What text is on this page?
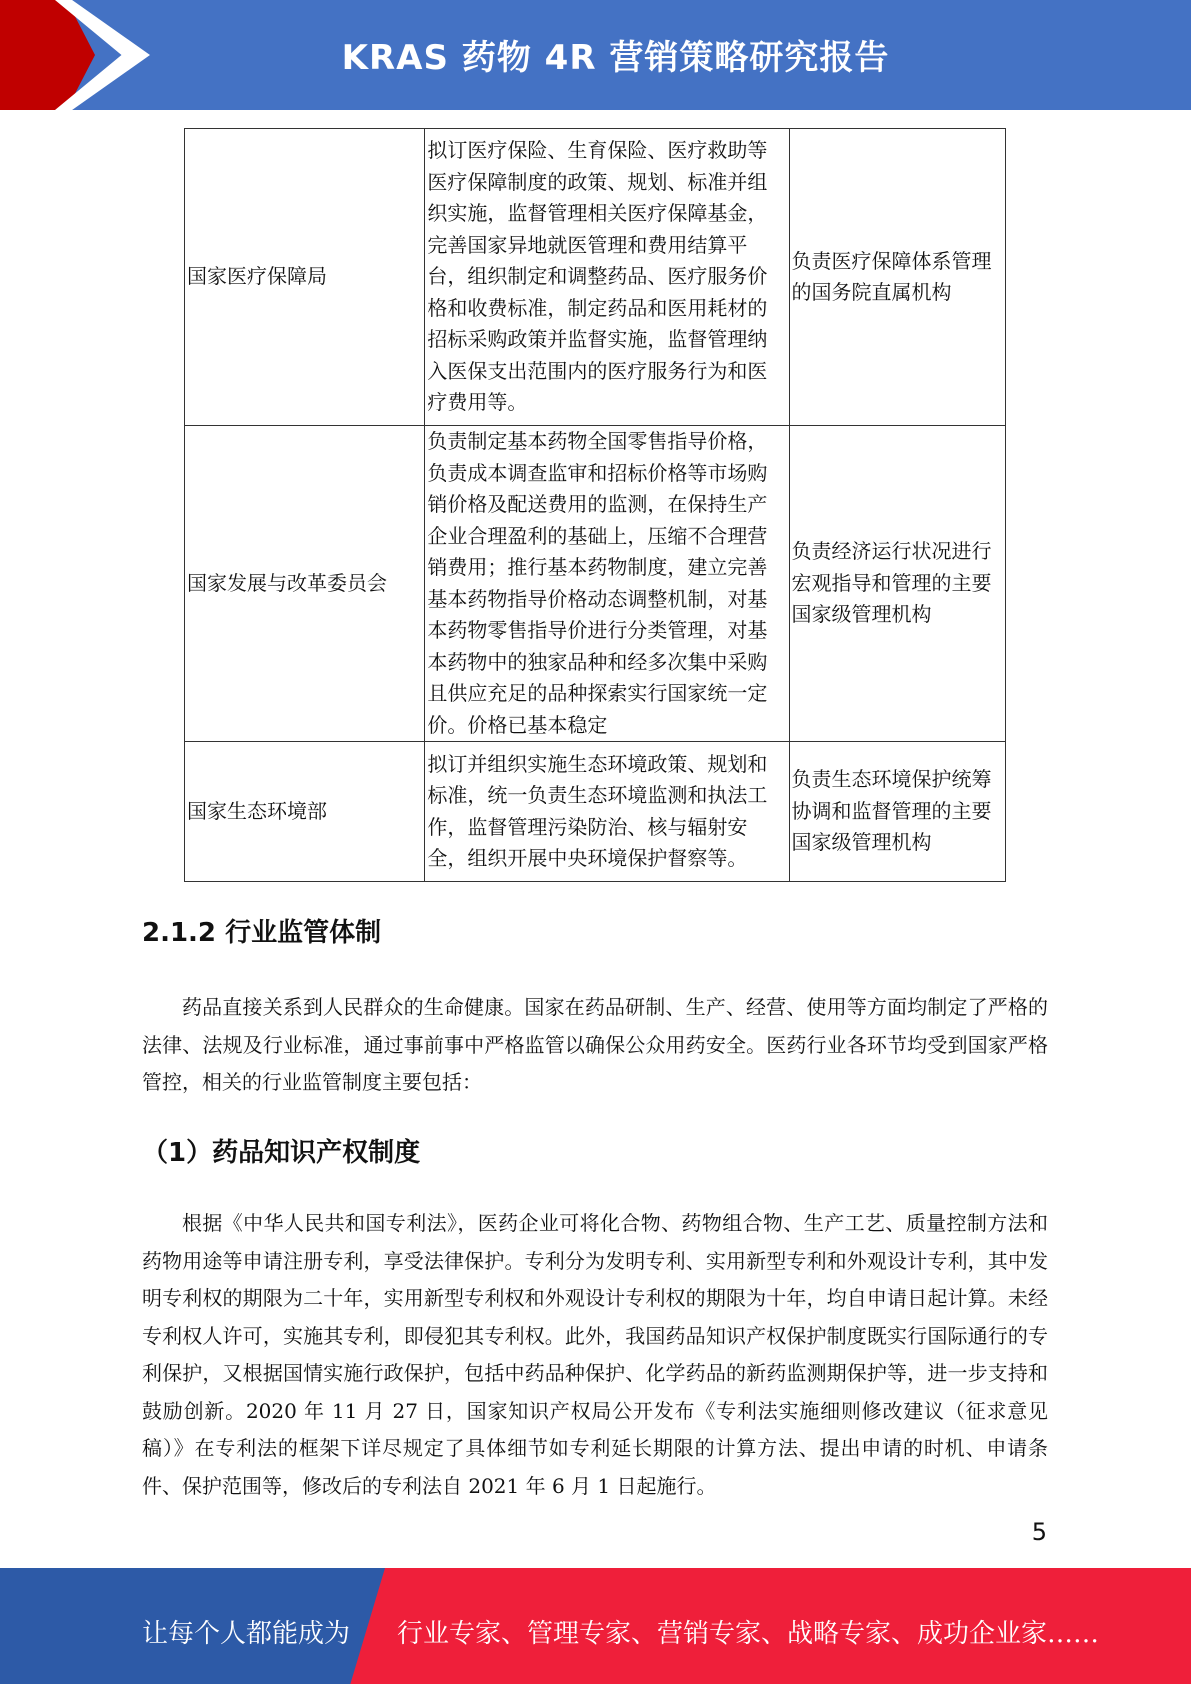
KRAS 药物 4R 营销策略研究报告
国家医疗保障局	拟订医疗保险、生育保险、医疗救助等医疗保障制度的政策、规划、标准并组织实施，监督管理相关医疗保障基金，完善国家异地就医管理和费用结算平台，组织制定和调整药品、医疗服务价格和收费标准，制定药品和医用耗材的招标采购政策并监督实施，监督管理纳入医保支出范围内的医疗服务行为和医疗费用等。	负责医疗保障体系管理的国务院直属机构
国家发展与改革委员会	负责制定基本药物全国零售指导价格，负责成本调查监审和招标价格等市场购销价格及配送费用的监测，在保持生产企业合理盈利的基础上，压缩不合理营销费用；推行基本药物制度，建立完善基本药物指导价格动态调整机制，对基本药物零售指导价进行分类管理，对基本药物中的独家品种和经多次集中采购且供应充足的品种探索实行国家统一定价。价格已基本稳定	负责经济运行状况进行宏观指导和管理的主要国家级管理机构
国家生态环境部	拟订并组织实施生态环境政策、规划和标准，统一负责生态环境监测和执法工作，监督管理污染防治、核与辐射安全，组织开展中央环境保护督察等。	负责生态环境保护统筹协调和监督管理的主要国家级管理机构
2.1.2 行业监管体制

药品直接关系到人民群众的生命健康。国家在药品研制、生产、经营、使用等方面均制定了严格的法律、法规及行业标准，通过事前事中严格监管以确保公众用药安全。医药行业各环节均受到国家严格管控，相关的行业监管制度主要包括：

（1）药品知识产权制度

根据《中华人民共和国专利法》，医药企业可将化合物、药物组合物、生产工艺、质量控制方法和药物用途等申请注册专利，享受法律保护。专利分为发明专利、实用新型专利和外观设计专利，其中发明专利权的期限为二十年，实用新型专利权和外观设计专利权的期限为十年，均自申请日起计算。未经专利权人许可，实施其专利，即侵犯其专利权。此外，我国药品知识产权保护制度既实行国际通行的专利保护，又根据国情实施行政保护，包括中药品种保护、化学药品的新药监测期保护等，进一步支持和鼓励创新。2020 年 11 月 27 日，国家知识产权局公开发布《专利法实施细则修改建议（征求意见稿）》在专利法的框架下详尽规定了具体细节如专利延长期限的计算方法、提出申请的时机、申请条件、保护范围等，修改后的专利法自 2021 年 6 月 1 日起施行。

5
让每个人都能成为 行业专家、管理专家、营销专家、战略专家、成功企业家……
